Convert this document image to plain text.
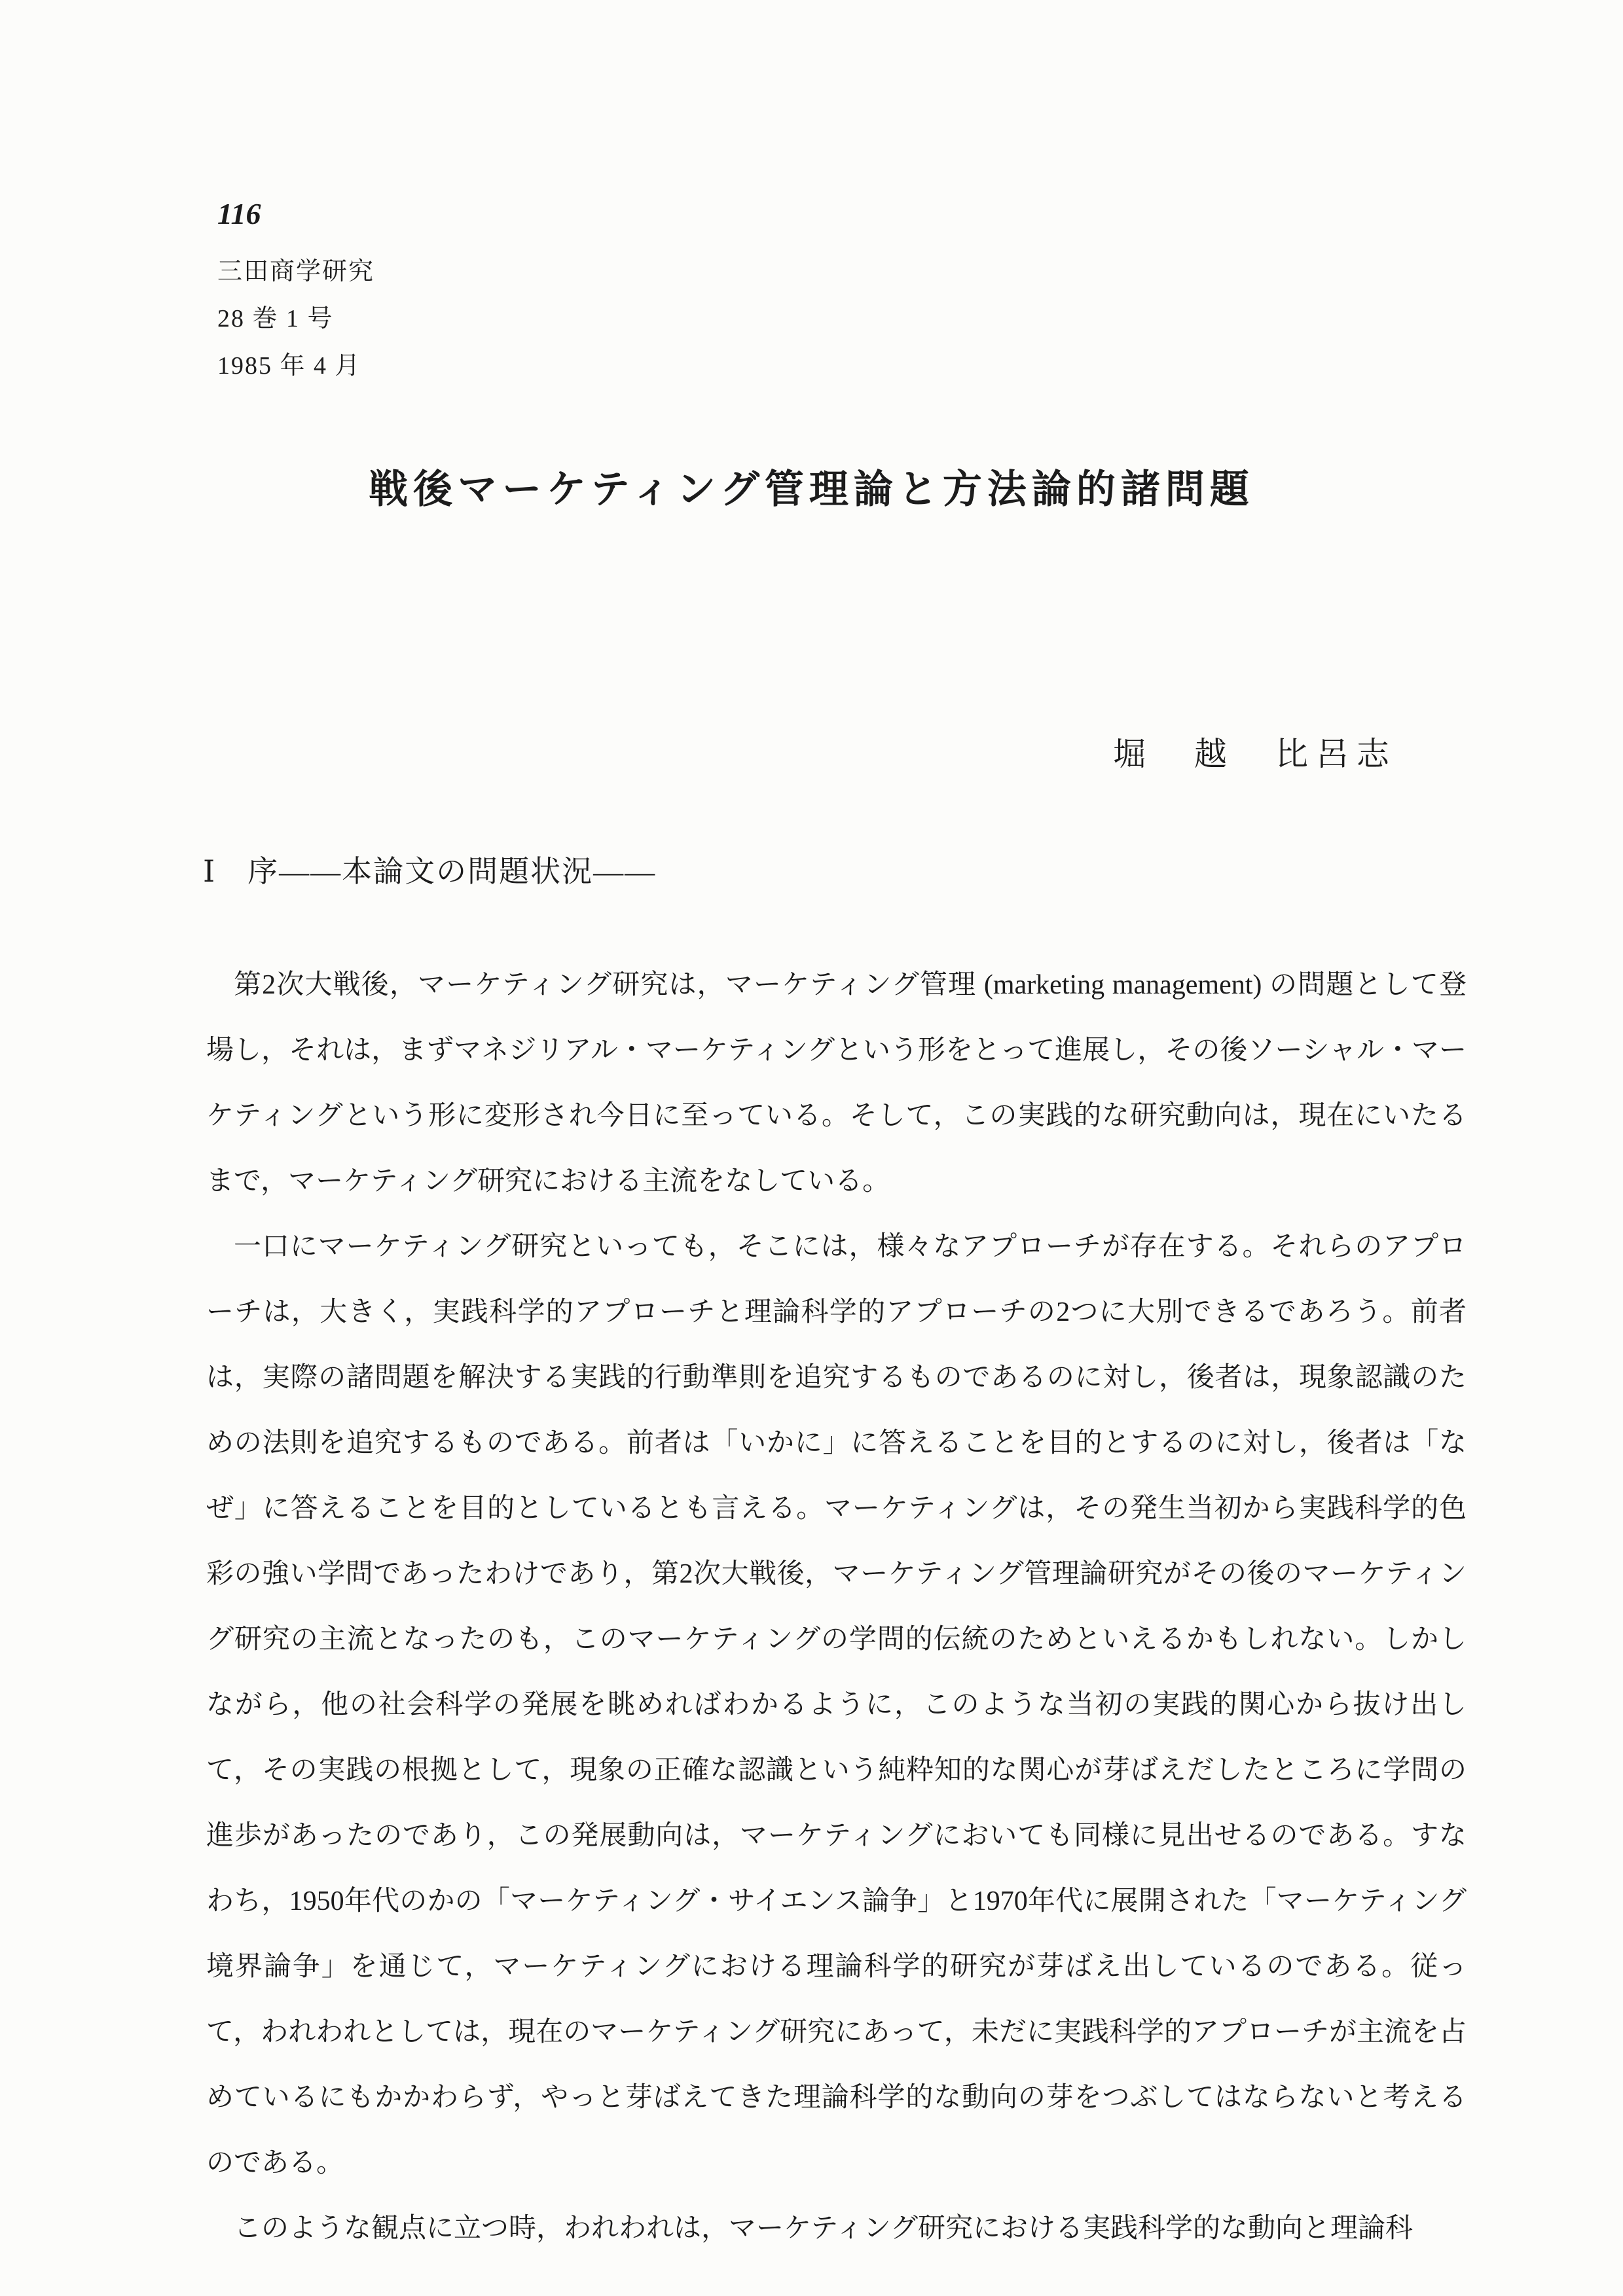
116
三田商学研究
28 巻 1 号
1985 年 4 月
戦後マーケティング管理論と方法論的諸問題
堀　越　比呂志
Ⅰ　序――本論文の問題状況――

第2次大戦後，マーケティング研究は，マーケティング管理 (marketing management) の問題として登場し，それは，まずマネジリアル・マーケティングという形をとって進展し，その後ソーシャル・マーケティングという形に変形され今日に至っている。そして，この実践的な研究動向は，現在にいたるまで，マーケティング研究における主流をなしている。

一口にマーケティング研究といっても，そこには，様々なアプローチが存在する。それらのアプローチは，大きく，実践科学的アプローチと理論科学的アプローチの2つに大別できるであろう。前者は，実際の諸問題を解決する実践的行動準則を追究するものであるのに対し，後者は，現象認識のための法則を追究するものである。前者は「いかに」に答えることを目的とするのに対し，後者は「なぜ」に答えることを目的としているとも言える。マーケティングは，その発生当初から実践科学的色彩の強い学問であったわけであり，第2次大戦後，マーケティング管理論研究がその後のマーケティング研究の主流となったのも，このマーケティングの学問的伝統のためといえるかもしれない。しかしながら，他の社会科学の発展を眺めればわかるように，このような当初の実践的関心から抜け出して，その実践の根拠として，現象の正確な認識という純粋知的な関心が芽ばえだしたところに学問の進歩があったのであり，この発展動向は，マーケティングにおいても同様に見出せるのである。すなわち，1950年代のかの「マーケティング・サイエンス論争」と1970年代に展開された「マーケティング境界論争」を通じて，マーケティングにおける理論科学的研究が芽ばえ出しているのである。従って，われわれとしては，現在のマーケティング研究にあって，未だに実践科学的アプローチが主流を占めているにもかかわらず，やっと芽ばえてきた理論科学的な動向の芽をつぶしてはならないと考えるのである。

このような観点に立つ時，われわれは，マーケティング研究における実践科学的な動向と理論科
